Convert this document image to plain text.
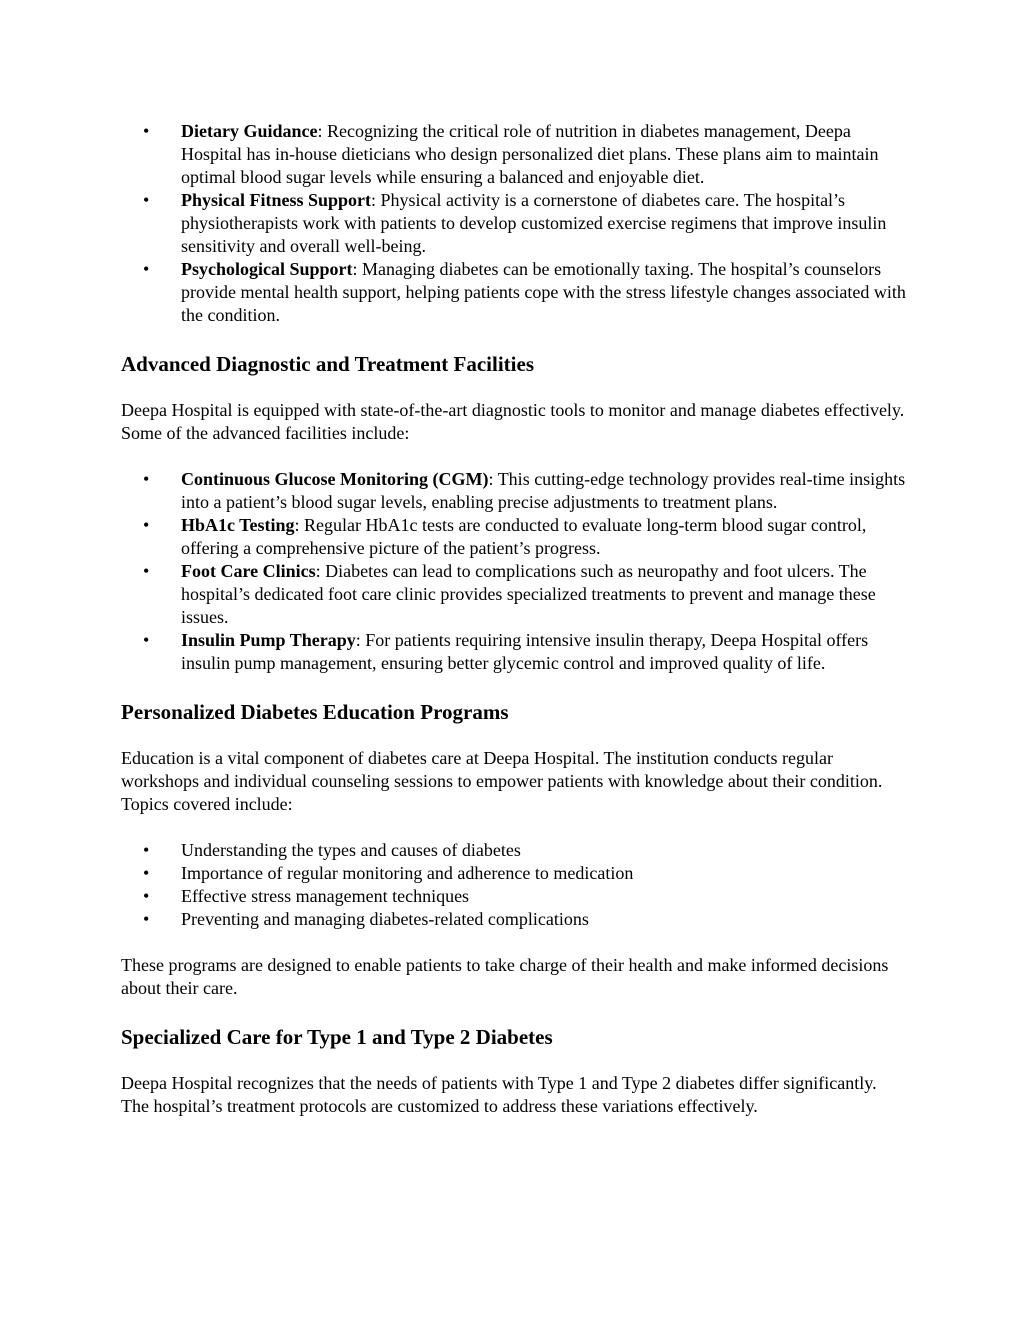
• Dietary Guidance: Recognizing the critical role of nutrition in diabetes management, Deepa Hospital has in-house dieticians who design personalized diet plans. These plans aim to maintain optimal blood sugar levels while ensuring a balanced and enjoyable diet.
• Physical Fitness Support: Physical activity is a cornerstone of diabetes care. The hospital’s physiotherapists work with patients to develop customized exercise regimens that improve insulin sensitivity and overall well-being.
• Psychological Support: Managing diabetes can be emotionally taxing. The hospital’s counselors provide mental health support, helping patients cope with the stress lifestyle changes associated with the condition.
Advanced Diagnostic and Treatment Facilities

Deepa Hospital is equipped with state-of-the-art diagnostic tools to monitor and manage diabetes effectively. Some of the advanced facilities include:

• Continuous Glucose Monitoring (CGM): This cutting-edge technology provides real-time insights into a patient’s blood sugar levels, enabling precise adjustments to treatment plans.
• HbA1c Testing: Regular HbA1c tests are conducted to evaluate long-term blood sugar control, offering a comprehensive picture of the patient’s progress.
• Foot Care Clinics: Diabetes can lead to complications such as neuropathy and foot ulcers. The hospital’s dedicated foot care clinic provides specialized treatments to prevent and manage these issues.
• Insulin Pump Therapy: For patients requiring intensive insulin therapy, Deepa Hospital offers insulin pump management, ensuring better glycemic control and improved quality of life.
Personalized Diabetes Education Programs

Education is a vital component of diabetes care at Deepa Hospital. The institution conducts regular workshops and individual counseling sessions to empower patients with knowledge about their condition. Topics covered include:

• Understanding the types and causes of diabetes
• Importance of regular monitoring and adherence to medication
• Effective stress management techniques
• Preventing and managing diabetes-related complications

These programs are designed to enable patients to take charge of their health and make informed decisions about their care.

Specialized Care for Type 1 and Type 2 Diabetes

Deepa Hospital recognizes that the needs of patients with Type 1 and Type 2 diabetes differ significantly. The hospital’s treatment protocols are customized to address these variations effectively.
